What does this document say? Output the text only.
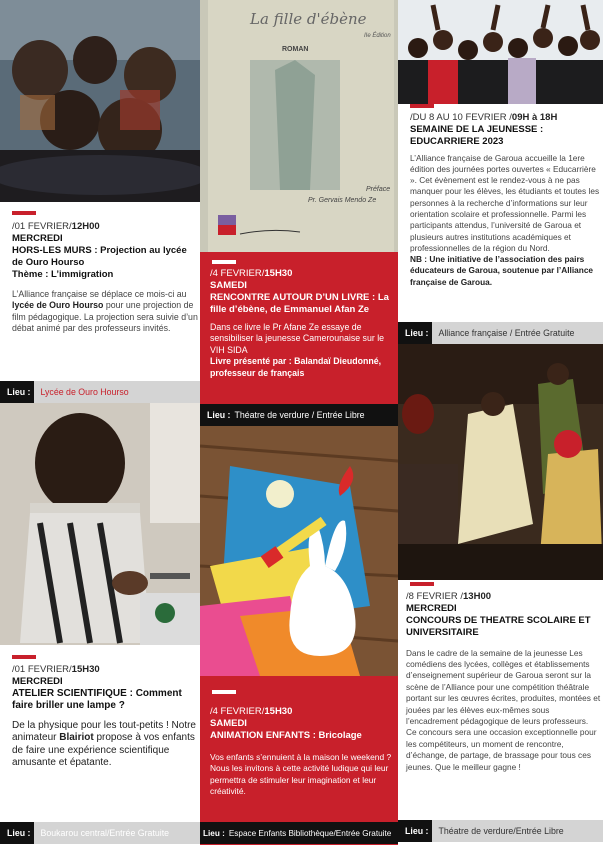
/01 FEVRIER/12H00
MERCREDI
HORS-LES MURS : Projection au lycée de Ouro Hourso
Thème : L’immigration
L’Alliance française se déplace ce mois-ci au lycée de Ouro Hourso pour une projection de film pédagogique. La projection sera suivie d’un débat animé par des professeurs invités.
Lieu :	Lycée de Ouro Hourso
/01 FEVRIER/15H30
MERCREDI
ATELIER SCIENTIFIQUE : Comment faire briller une lampe ?
De la physique pour les tout-petits ! Notre animateur Blairiot propose à vos enfants de faire une expérience scientifique amusante et épatante.
Lieu :	Boukarou central/Entrée Gratuite
La fille d'ébène
IIe Édition
ROMAN
Préface
Pr. Gervais Mendo Ze
/4 FEVRIER/15H30
SAMEDI
RENCONTRE AUTOUR D’UN LIVRE : La fille d’ébène, de Emmanuel Afan Ze
Dans ce livre le Pr Afane Ze essaye de sensibiliser la jeunesse Camerounaise sur le VIH SIDA
Livre présenté par : Balandaï Dieudonné, professeur de français
Lieu : Théatre de verdure / Entrée Libre
/4 FEVRIER/15H30
SAMEDI
ANIMATION ENFANTS : Bricolage
Vos enfants s’ennuient à la maison le weekend ? Nous les invitons à cette activité ludique qui leur permettra de stimuler leur imagination et leur créativité.
Lieu : Espace Enfants Bibliothèque/Entrée Gratuite
/DU 8 AU 10 FEVRIER /09H à 18H
SEMAINE DE LA JEUNESSE : EDUCARRIERE 2023
L’Alliance française de Garoua accueille la 1ere édition des journées portes ouvertes « Educarrière ». Cet évènement est le rendez-vous à ne pas manquer pour les élèves, les étudiants et toutes les personnes à la recherche d’informations sur leur orientation scolaire et professionnelle. Parmi les participants attendus, l’université de Garoua et plusieurs autres institutions académiques et professionnelles de la région du Nord.
NB : Une initiative de l’association des pairs éducateurs de Garoua, soutenue par l’Alliance française de Garoua.
Lieu :	Alliance française / Entrée Gratuite
/8 FEVRIER /13H00
MERCREDI
CONCOURS DE THEATRE SCOLAIRE ET UNIVERSITAIRE
Dans le cadre de la semaine de la jeunesse Les comédiens des lycées, collèges et établissements d’enseignement supérieur de Garoua seront sur la scène de l’Alliance pour une compétition théâtrale portant sur les œuvres écrites, produites, montées et jouées par les élèves eux-mêmes sous l’encadrement pédagogique de leurs professeurs. Ce concours sera une occasion exceptionnelle pour les compétiteurs, un moment de rencontre, d’échange, de partage, de brassage pour tous ces jeunes. Que le meilleur gagne !
Lieu :	Théatre de verdure/Entrée Libre
